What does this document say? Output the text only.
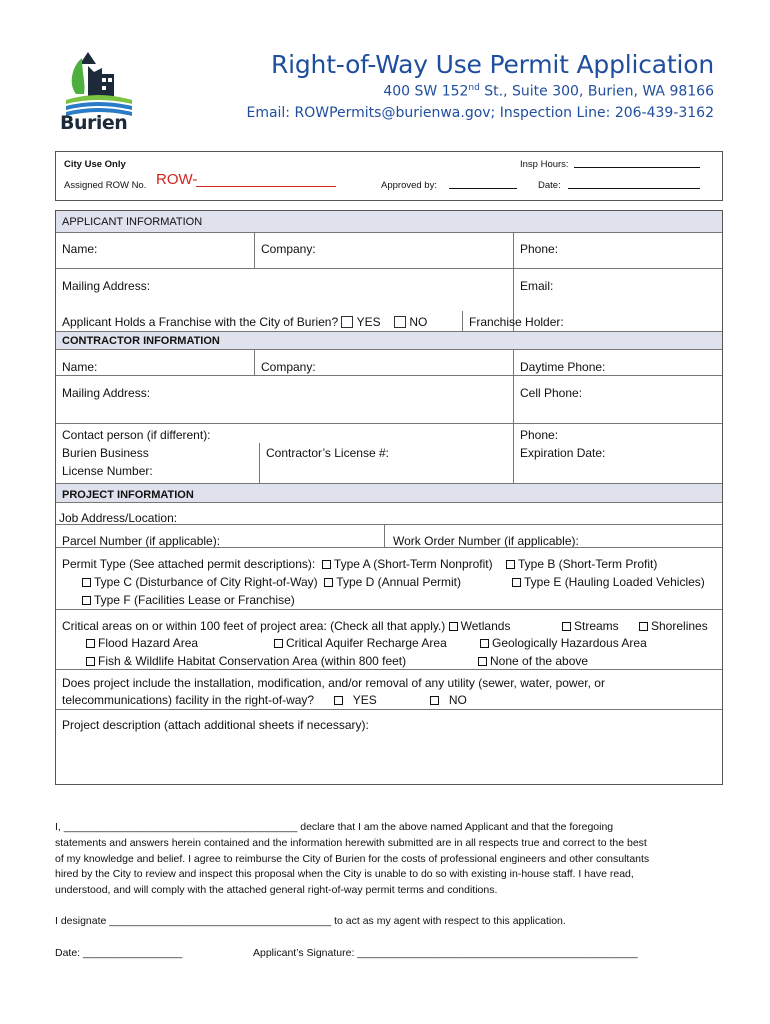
Burien
Right-of-Way Use Permit Application
400 SW 152nd St., Suite 300, Burien, WA 98166
Email: ROWPermits@burienwa.gov; Inspection Line: 206-439-3162
City Use Only
Assigned ROW No. ROW-	Approved by:
Insp Hours:
Date:
APPLICANT INFORMATION
Name:	Company:	Phone:
Mailing Address:	Email:
Applicant Holds a Franchise with the City of Burien? YES NO	Franchise Holder:
CONTRACTOR INFORMATION
Name:	Company:	Daytime Phone:
Mailing Address:	Cell Phone:
Contact person (if different):	Phone:
Burien Business
License Number:
Contractor’s License #:	Expiration Date:
PROJECT INFORMATION
Job Address/Location:
Parcel Number (if applicable):	Work Order Number (if applicable):
Permit Type (See attached permit descriptions): Type A (Short-Term Nonprofit) Type B (Short-Term Profit)
Type C (Disturbance of City Right-of-Way) Type D (Annual Permit)	Type E (Hauling Loaded Vehicles)
Type F (Facilities Lease or Franchise)
Critical areas on or within 100 feet of project area: (Check all that apply.) Wetlands	Streams	Shorelines
Flood Hazard Area	Critical Aquifer Recharge Area	Geologically Hazardous Area
Fish & Wildlife Habitat Conservation Area (within 800 feet)	None of the above
Does project include the installation, modification, and/or removal of any utility (sewer, water, power, or
telecommunications) facility in the right-of-way?	YES	NO
Project description (attach additional sheets if necessary):
I, ________________________________________ declare that I am the above named Applicant and that the foregoing
statements and answers herein contained and the information herewith submitted are in all respects true and correct to the best
of my knowledge and belief. I agree to reimburse the City of Burien for the costs of professional engineers and other consultants
hired by the City to review and inspect this proposal when the City is unable to do so with existing in-house staff. I have read,
understood, and will comply with the attached general right-of-way permit terms and conditions.
I designate ______________________________________ to act as my agent with respect to this application.
Date: _________________	Applicant’s Signature: ________________________________________________
